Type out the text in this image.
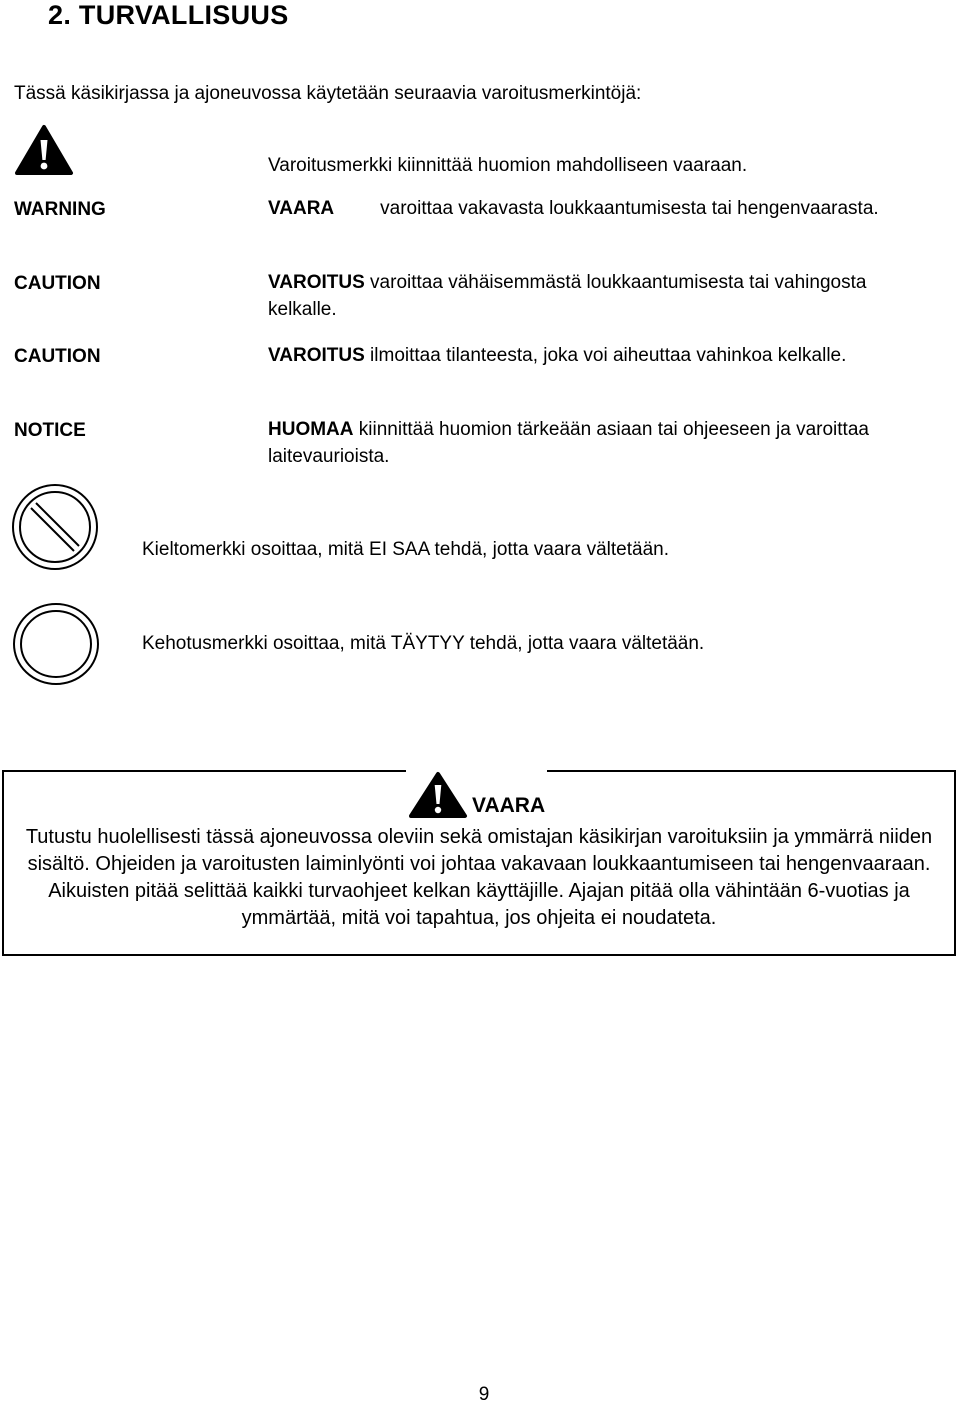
2. TURVALLISUUS
Tässä käsikirjassa ja ajoneuvossa käytetään seuraavia varoitusmerkintöjä:
Varoitusmerkki kiinnittää huomion mahdolliseen vaaraan.
WARNING	VAARA varoittaa vakavasta loukkaantumisesta tai hengenvaarasta.
CAUTION	VAROITUS varoittaa vähäisemmästä loukkaantumisesta tai vahingosta kelkalle.
CAUTION	VAROITUS ilmoittaa tilanteesta, joka voi aiheuttaa vahinkoa kelkalle.
NOTICE	HUOMAA kiinnittää huomion tärkeään asiaan tai ohjeeseen ja varoittaa laitevaurioista.
Kieltomerkki osoittaa, mitä EI SAA tehdä, jotta vaara vältetään.
Kehotusmerkki osoittaa, mitä TÄYTYY tehdä, jotta vaara vältetään.
VAARA

Tutustu huolellisesti tässä ajoneuvossa oleviin sekä omistajan käsikirjan varoituksiin ja ymmärrä niiden sisältö. Ohjeiden ja varoitusten laiminlyönti voi johtaa vakavaan loukkaantumiseen tai hengenvaaraan.

Aikuisten pitää selittää kaikki turvaohjeet kelkan käyttäjille. Ajajan pitää olla vähintään 6-vuotias ja ymmärtää, mitä voi tapahtua, jos ohjeita ei noudateta.

9
